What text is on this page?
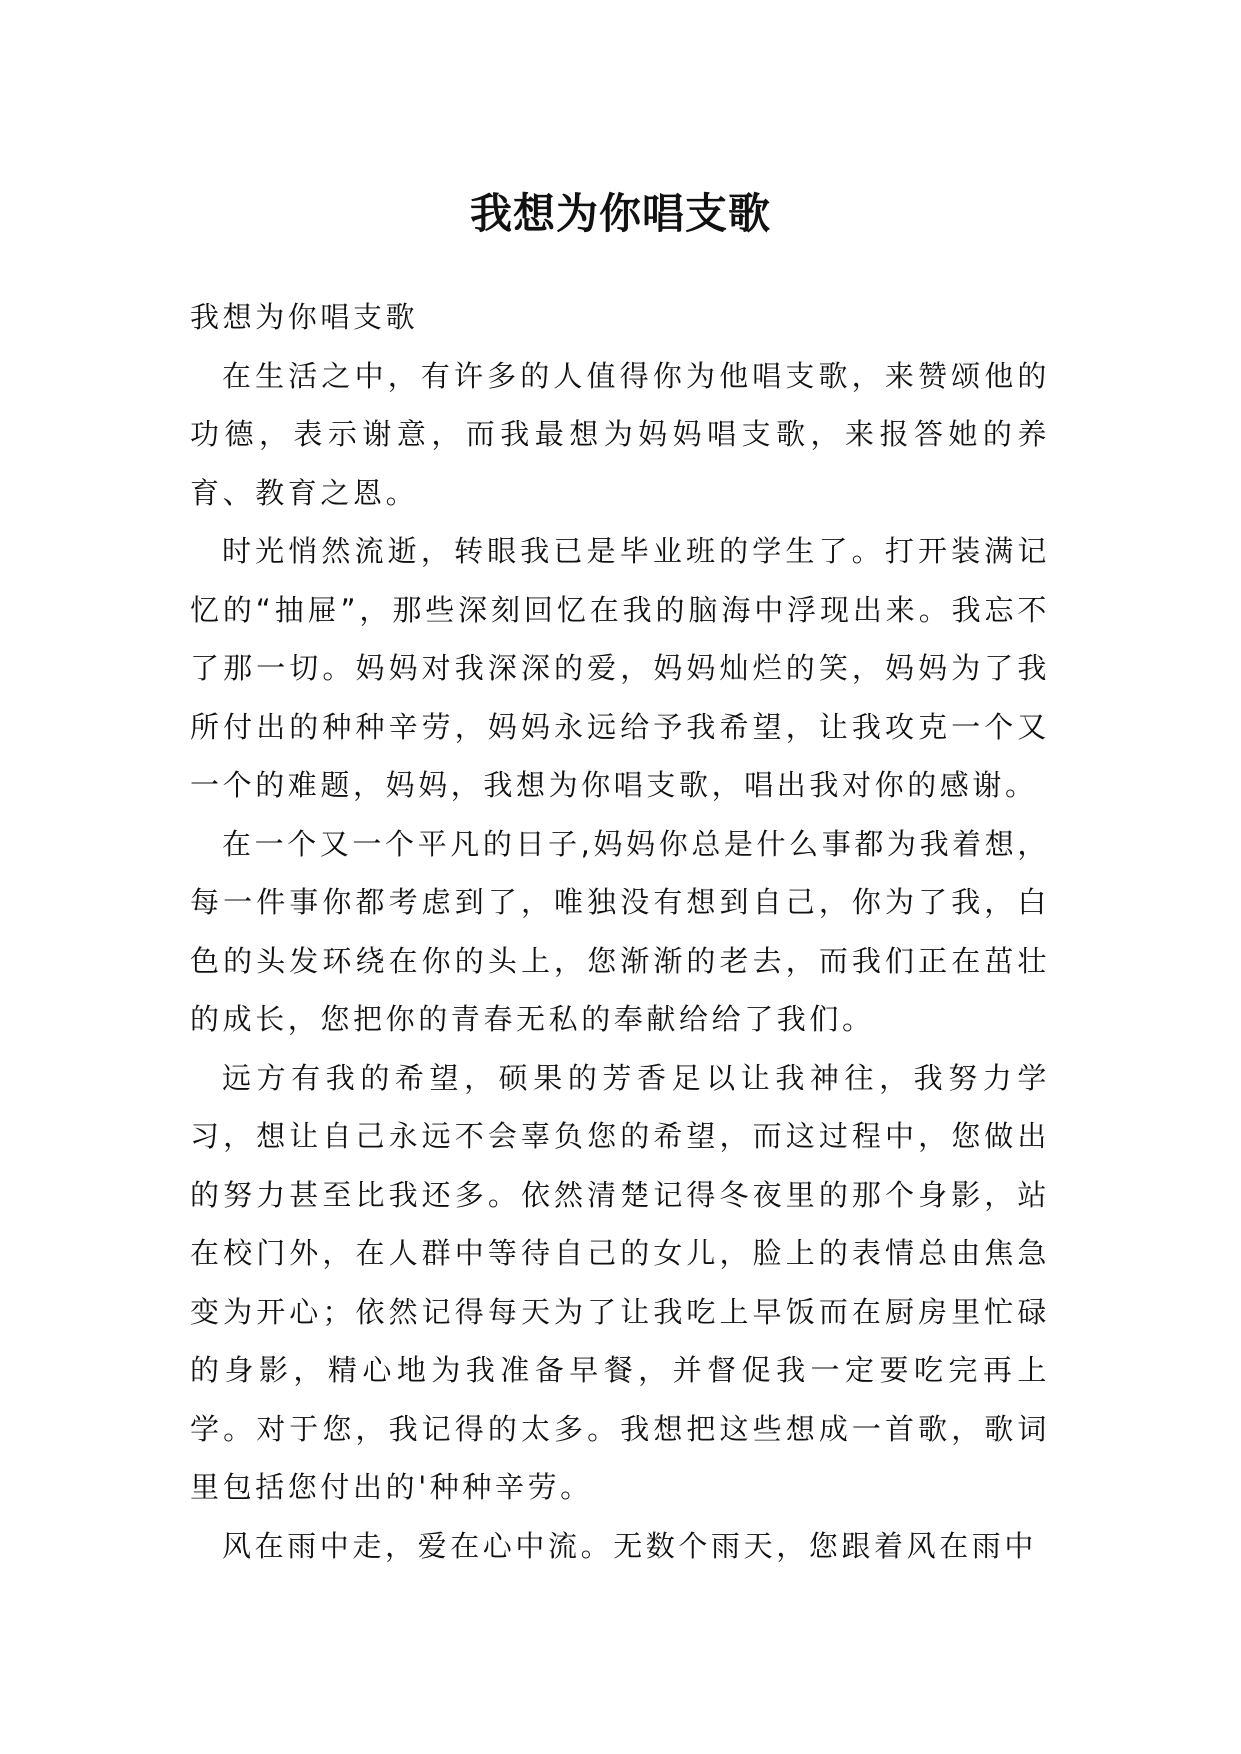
我想为你唱支歌

我想为你唱支歌

在生活之中，有许多的人值得你为他唱支歌，来赞颂他的功德，表示谢意，而我最想为妈妈唱支歌，来报答她的养育、教育之恩。

时光悄然流逝，转眼我已是毕业班的学生了。打开装满记忆的“抽屉”，那些深刻回忆在我的脑海中浮现出来。我忘不了那一切。妈妈对我深深的爱，妈妈灿烂的笑，妈妈为了我所付出的种种辛劳，妈妈永远给予我希望，让我攻克一个又一个的难题，妈妈，我想为你唱支歌，唱出我对你的感谢。

在一个又一个平凡的日子,妈妈你总是什么事都为我着想，每一件事你都考虑到了，唯独没有想到自己，你为了我，白色的头发环绕在你的头上，您渐渐的老去，而我们正在茁壮的成长，您把你的青春无私的奉献给给了我们。

远方有我的希望，硕果的芳香足以让我神往，我努力学习，想让自己永远不会辜负您的希望，而这过程中，您做出的努力甚至比我还多。依然清楚记得冬夜里的那个身影，站在校门外，在人群中等待自己的女儿，脸上的表情总由焦急变为开心；依然记得每天为了让我吃上早饭而在厨房里忙碌的身影，精心地为我准备早餐，并督促我一定要吃完再上学。对于您，我记得的太多。我想把这些想成一首歌，歌词里包括您付出的'种种辛劳。

风在雨中走，爱在心中流。无数个雨天，您跟着风在雨中
